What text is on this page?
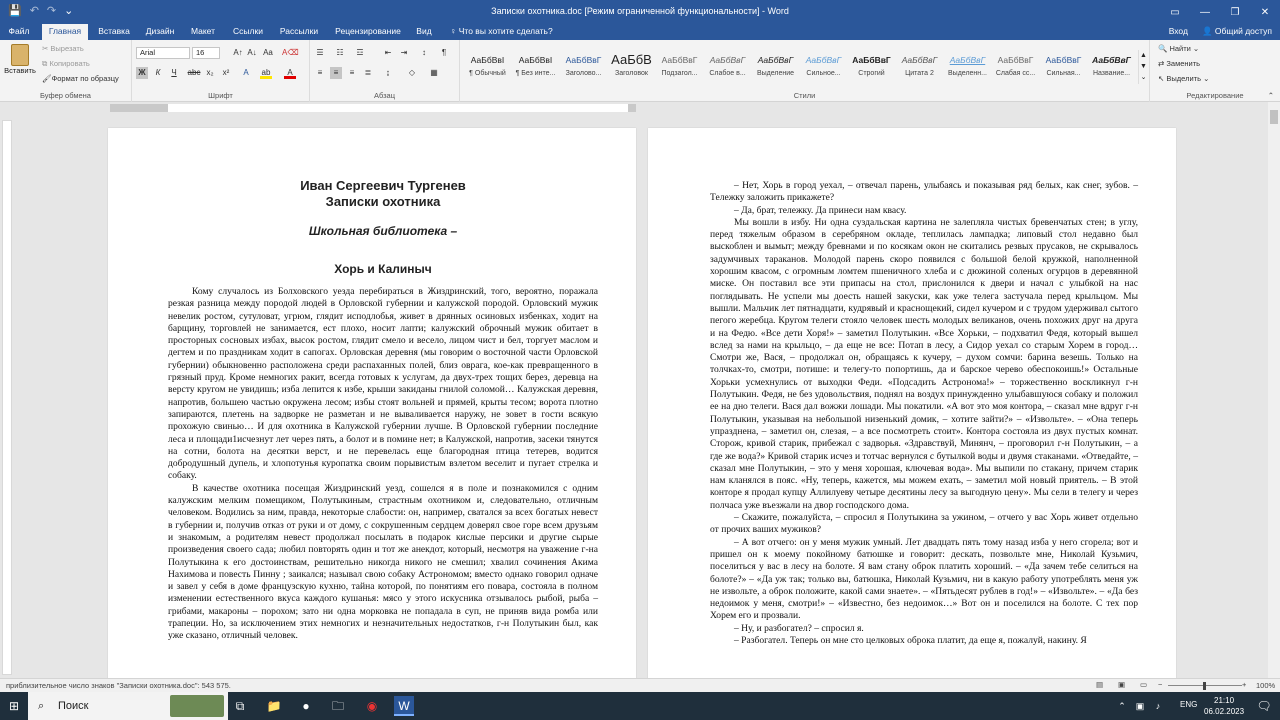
💾 ↶ ↷ ⌄	Записки охотника.doc [Режим ограниченной функциональности] - Word	▭	—	❐	✕
Файл	Главная	Вставка	Дизайн	Макет	Ссылки	Рассылки	Рецензирование	Вид	♀ Что вы хотите сделать?	Вход 👤 Общий доступ
Вставить
✂ Вырезать
⧉ Копировать
🖌Формат по образцу
Буфер обмена
Arial	16	A↑ A↓ Aa A⌫
Ж	К	Ч	abc x₂	x²	A	ab	A
Шрифт
☰	☷	☲	⇤	⇥	↕	¶
≡	≡	≡	≣	↨	◇	▦
Абзац
АаБбВвІ
¶ Обычный
АаБбВвІ
¶ Без инте...
АаБбВвГ
Заголово...
АаБбВ
Заголовок
АаБбВвГ
Подзагол...
АаБбВвГ
Слабое в...
АаБбВвГ
Выделение
АаБбВвГ
Сильное...
АаБбВвГ
Строгий
АаБбВвГ
Цитата 2
АаБбВвГ
Выделенн...
АаБбВвГ
Слабая сс...
АаБбВвГ
Сильная...
АаБбВвГ
Название...
▲
▼
⌄
Стили
🔍 Найти ⌄
⇄ Заменить
↖ Выделить ⌄
Редактирование	⌃
Иван Сергеевич Тургенев
Записки охотника
Школьная библиотека –
Хорь и Калиныч

Кому случалось из Болховского уезда перебираться в Жиздринский, того, вероятно, поражала резкая разница между породой людей в Орловской губернии и калужской породой. Орловский мужик невелик ростом, сутуловат, угрюм, глядит исподлобья, живет в дрянных осиновых избенках, ходит на барщину, торговлей не занимается, ест плохо, носит лапти; калужский оброчный мужик обитает в просторных сосновых избах, высок ростом, глядит смело и весело, лицом чист и бел, торгует маслом и дегтем и по праздникам ходит в сапогах. Орловская деревня (мы говорим о восточной части Орловской губернии) обыкновенно расположена среди распаханных полей, близ оврага, кое-как превращенного в грязный пруд. Кроме немногих ракит, всегда готовых к услугам, да двух-трех тощих берез, деревца на версту кругом не увидишь; изба лепится к избе, крыши закиданы гнилой соломой… Калужская деревня, напротив, большею частью окружена лесом; избы стоят вольней и прямей, крыты тесом; ворота плотно запираются, плетень на задворке не разметан и не вываливается наружу, не зовет в гости всякую прохожую свинью… И для охотника в Калужской губернии лучше. В Орловской губернии последние леса и площади1исчезнут лет через пять, а болот и в помине нет; в Калужской, напротив, засеки тянутся на сотни, болота на десятки верст, и не перевелась еще благородная птица тетерев, водится добродушный дупель, и хлопотунья куропатка своим порывистым взлетом веселит и пугает стрелка и собаку.

В качестве охотника посещая Жиздринский уезд, сошелся я в поле и познакомился с одним калужским мелким помещиком, Полутыкиным, страстным охотником и, следовательно, отличным человеком. Водились за ним, правда, некоторые слабости: он, например, сватался за всех богатых невест в губернии и, получив отказ от руки и от дому, с сокрушенным сердцем доверял свое горе всем друзьям и знакомым, а родителям невест продолжал посылать в подарок кислые персики и другие сырые произведения своего сада; любил повторять один и тот же анекдот, который, несмотря на уважение г-на Полутыкина к его достоинствам, решительно никогда никого не смешил; хвалил сочинения Акима Нахимова и повесть Пинну ; заикался; называл свою собаку Астрономом; вместо однако говорил одначе и завел у себя в доме французскую кухню, тайна которой, по понятиям его повара, состояла в полном изменении естественного вкуса каждого кушанья: мясо у этого искусника отзывалось рыбой, рыба – грибами, макароны – порохом; зато ни одна морковка не попадала в суп, не приняв вида ромба или трапеции. Но, за исключением этих немногих и незначительных недостатков, г-н Полутыкин был, как уже сказано, отличный человек.

– Нет, Хорь в город уехал, – отвечал парень, улыбаясь и показывая ряд белых, как снег, зубов. – Тележку заложить прикажете?

– Да, брат, тележку. Да принеси нам квасу.

Мы вошли в избу. Ни одна суздальская картина не залепляла чистых бревенчатых стен; в углу, перед тяжелым образом в серебряном окладе, теплилась лампадка; липовый стол недавно был выскоблен и вымыт; между бревнами и по косякам окон не скитались резвых прусаков, не скрывалось задумчивых тараканов. Молодой парень скоро появился с большой белой кружкой, наполненной хорошим квасом, с огромным ломтем пшеничного хлеба и с дюжиной соленых огурцов в деревянной миске. Он поставил все эти припасы на стол, прислонился к двери и начал с улыбкой на нас поглядывать. Не успели мы доесть нашей закуски, как уже телега застучала перед крыльцом. Мы вышли. Мальчик лет пятнадцати, кудрявый и краснощекий, сидел кучером и с трудом удерживал сытого пегого жеребца. Кругом телеги стояло человек шесть молодых великанов, очень похожих друг на друга и на Федю. «Все дети Хоря!» – заметил Полутыкин. «Все Хорьки, – подхватил Федя, который вышел вслед за нами на крыльцо, – да еще не все: Потап в лесу, а Сидор уехал со старым Хорем в город… Смотри же, Вася, – продолжал он, обращаясь к кучеру, – духом сомчи: барина везешь. Только на толчках-то, смотри, потише: и телегу-то попортишь, да и барское черево обеспокоишь!» Остальные Хорьки усмехнулись от выходки Феди. «Подсадить Астронома!» – торжественно воскликнул г-н Полутыкин. Федя, не без удовольствия, поднял на воздух принужденно улыбавшуюся собаку и положил ее на дно телеги. Вася дал вожжи лошади. Мы покатили. «А вот это моя контора, – сказал мне вдруг г-н Полутыкин, указывая на небольшой низенький домик, – хотите зайти?» – «Извольте». – «Она теперь упразднена, – заметил он, слезая, – а все посмотреть стоит». Контора состояла из двух пустых комнат. Сторож, кривой старик, прибежал с задворья. «Здравствуй, Минянч, – проговорил г-н Полутыкин, – а где же вода?» Кривой старик исчез и тотчас вернулся с бутылкой воды и двумя стаканами. «Отведайте, – сказал мне Полутыкин, – это у меня хорошая, ключевая вода». Мы выпили по стакану, причем старик нам кланялся в пояс. «Ну, теперь, кажется, мы можем ехать, – заметил мой новый приятель. – В этой конторе я продал купцу Аллилуеву четыре десятины лесу за выгодную цену». Мы сели в телегу и через полчаса уже въезжали на двор господского дома.

– Скажите, пожалуйста, – спросил я Полутыкина за ужином, – отчего у вас Хорь живет отдельно от прочих ваших мужиков?

– А вот отчего: он у меня мужик умный. Лет двадцать пять тому назад изба у него сгорела; вот и пришел он к моему покойному батюшке и говорит: дескать, позвольте мне, Николай Кузьмич, поселиться у вас в лесу на болоте. Я вам стану оброк платить хороший. – «Да зачем тебе селиться на болоте?» – «Да уж так; только вы, батюшка, Николай Кузьмич, ни в какую работу употреблять меня уж не извольте, а оброк положите, какой сами знаете». – «Пятьдесят рублев в год!» – «Извольте». – «Да без недоимок у меня, смотри!» – «Известно, без недоимок…» Вот он и поселился на болоте. С тех пор Хорем его и прозвали.

– Ну, и разбогател? – спросил я.

– Разбогател. Теперь он мне сто целковых оброка платит, да еще я, пожалуй, накину. Я

приблизительное число знаков "Записки охотника.doc": 543 575.	▤ ▣ ▭ −	+ 100%
⊞	⌕ Поиск	⧉	📁	●	🗀	◉	W	⌃	▣	♪	ENG	21:10
06.02.2023 🗨
